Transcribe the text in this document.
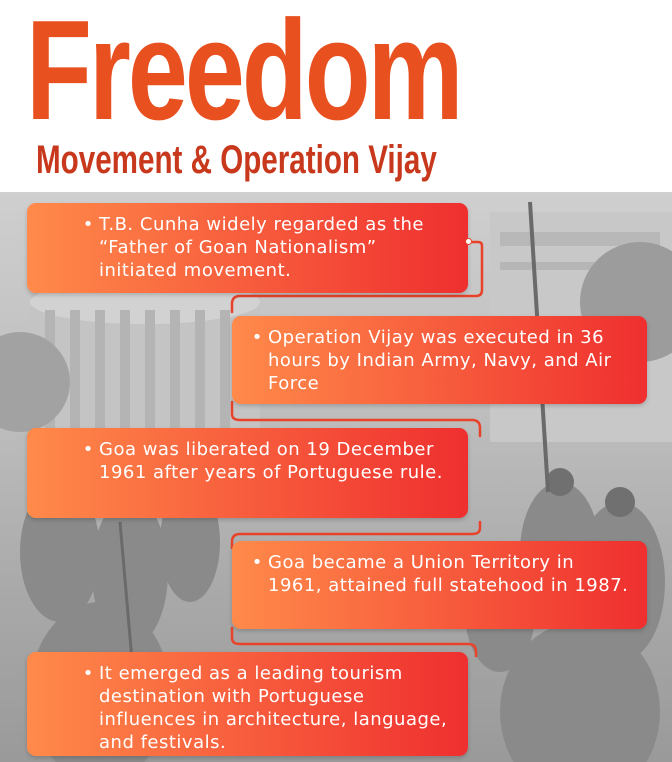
Freedom
Movement & Operation Vijay
• T.B. Cunha widely regarded as the “Father of Goan Nationalism” initiated movement.

• Operation Vijay was executed in 36 hours by Indian Army, Navy, and Air Force

• Goa was liberated on 19 December 1961 after years of Portuguese rule.

• Goa became a Union Territory in 1961, attained full statehood in 1987.

• It emerged as a leading tourism destination with Portuguese influences in architecture, language, and festivals.
